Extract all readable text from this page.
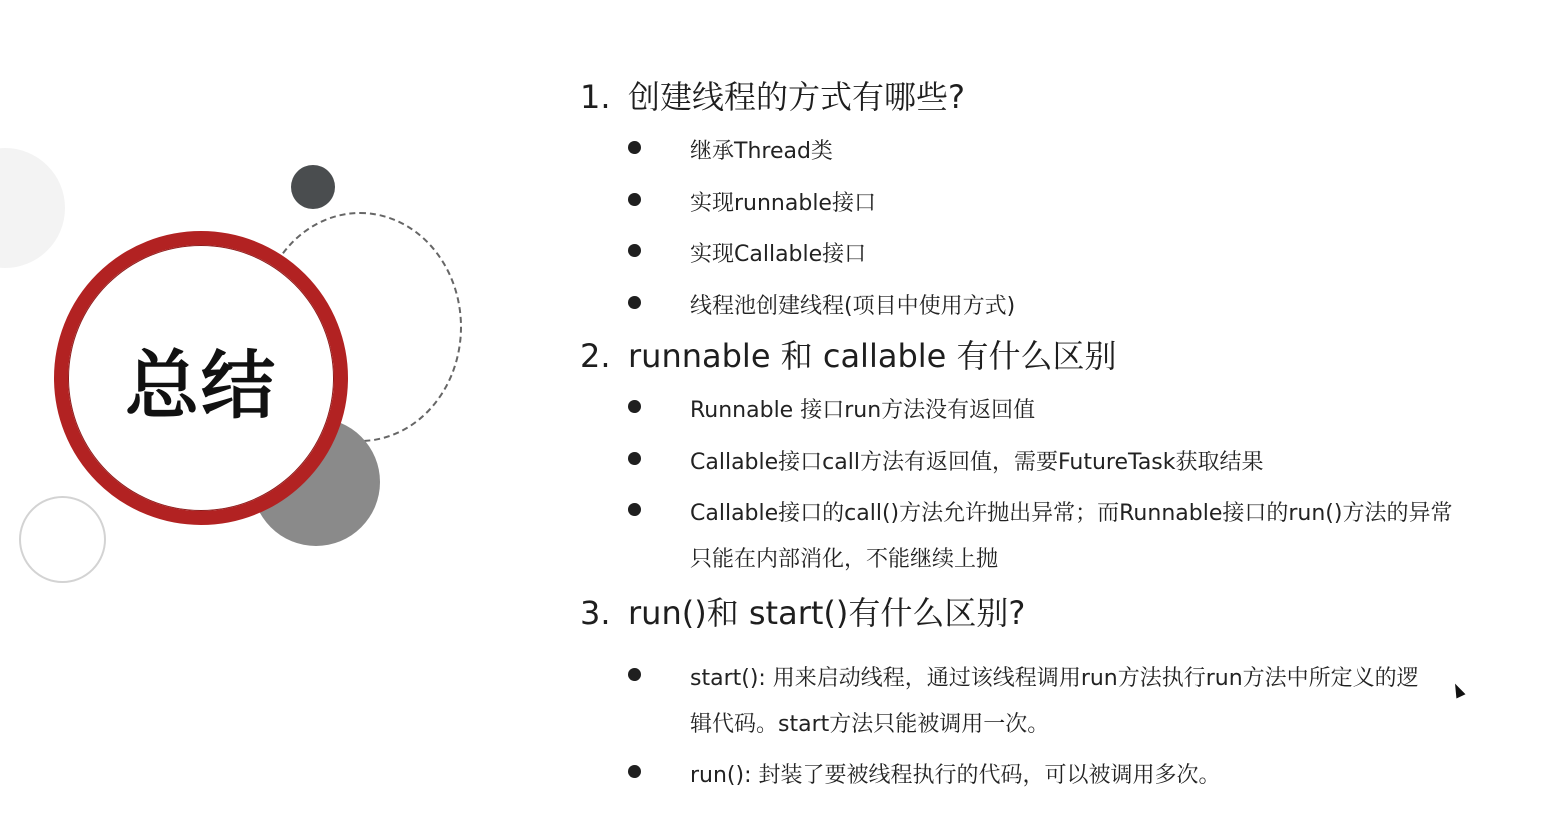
总结
1. 创建线程的方式有哪些?
继承Thread类
实现runnable接口
实现Callable接口
线程池创建线程(项目中使用方式)
2. runnable 和 callable 有什么区别
Runnable 接口run方法没有返回值
Callable接口call方法有返回值，需要FutureTask获取结果
Callable接口的call()方法允许抛出异常；而Runnable接口的run()方法的异常
只能在内部消化，不能继续上抛
3. run()和 start()有什么区别?
start(): 用来启动线程，通过该线程调用run方法执行run方法中所定义的逻
辑代码。start方法只能被调用一次。
run(): 封装了要被线程执行的代码，可以被调用多次。
